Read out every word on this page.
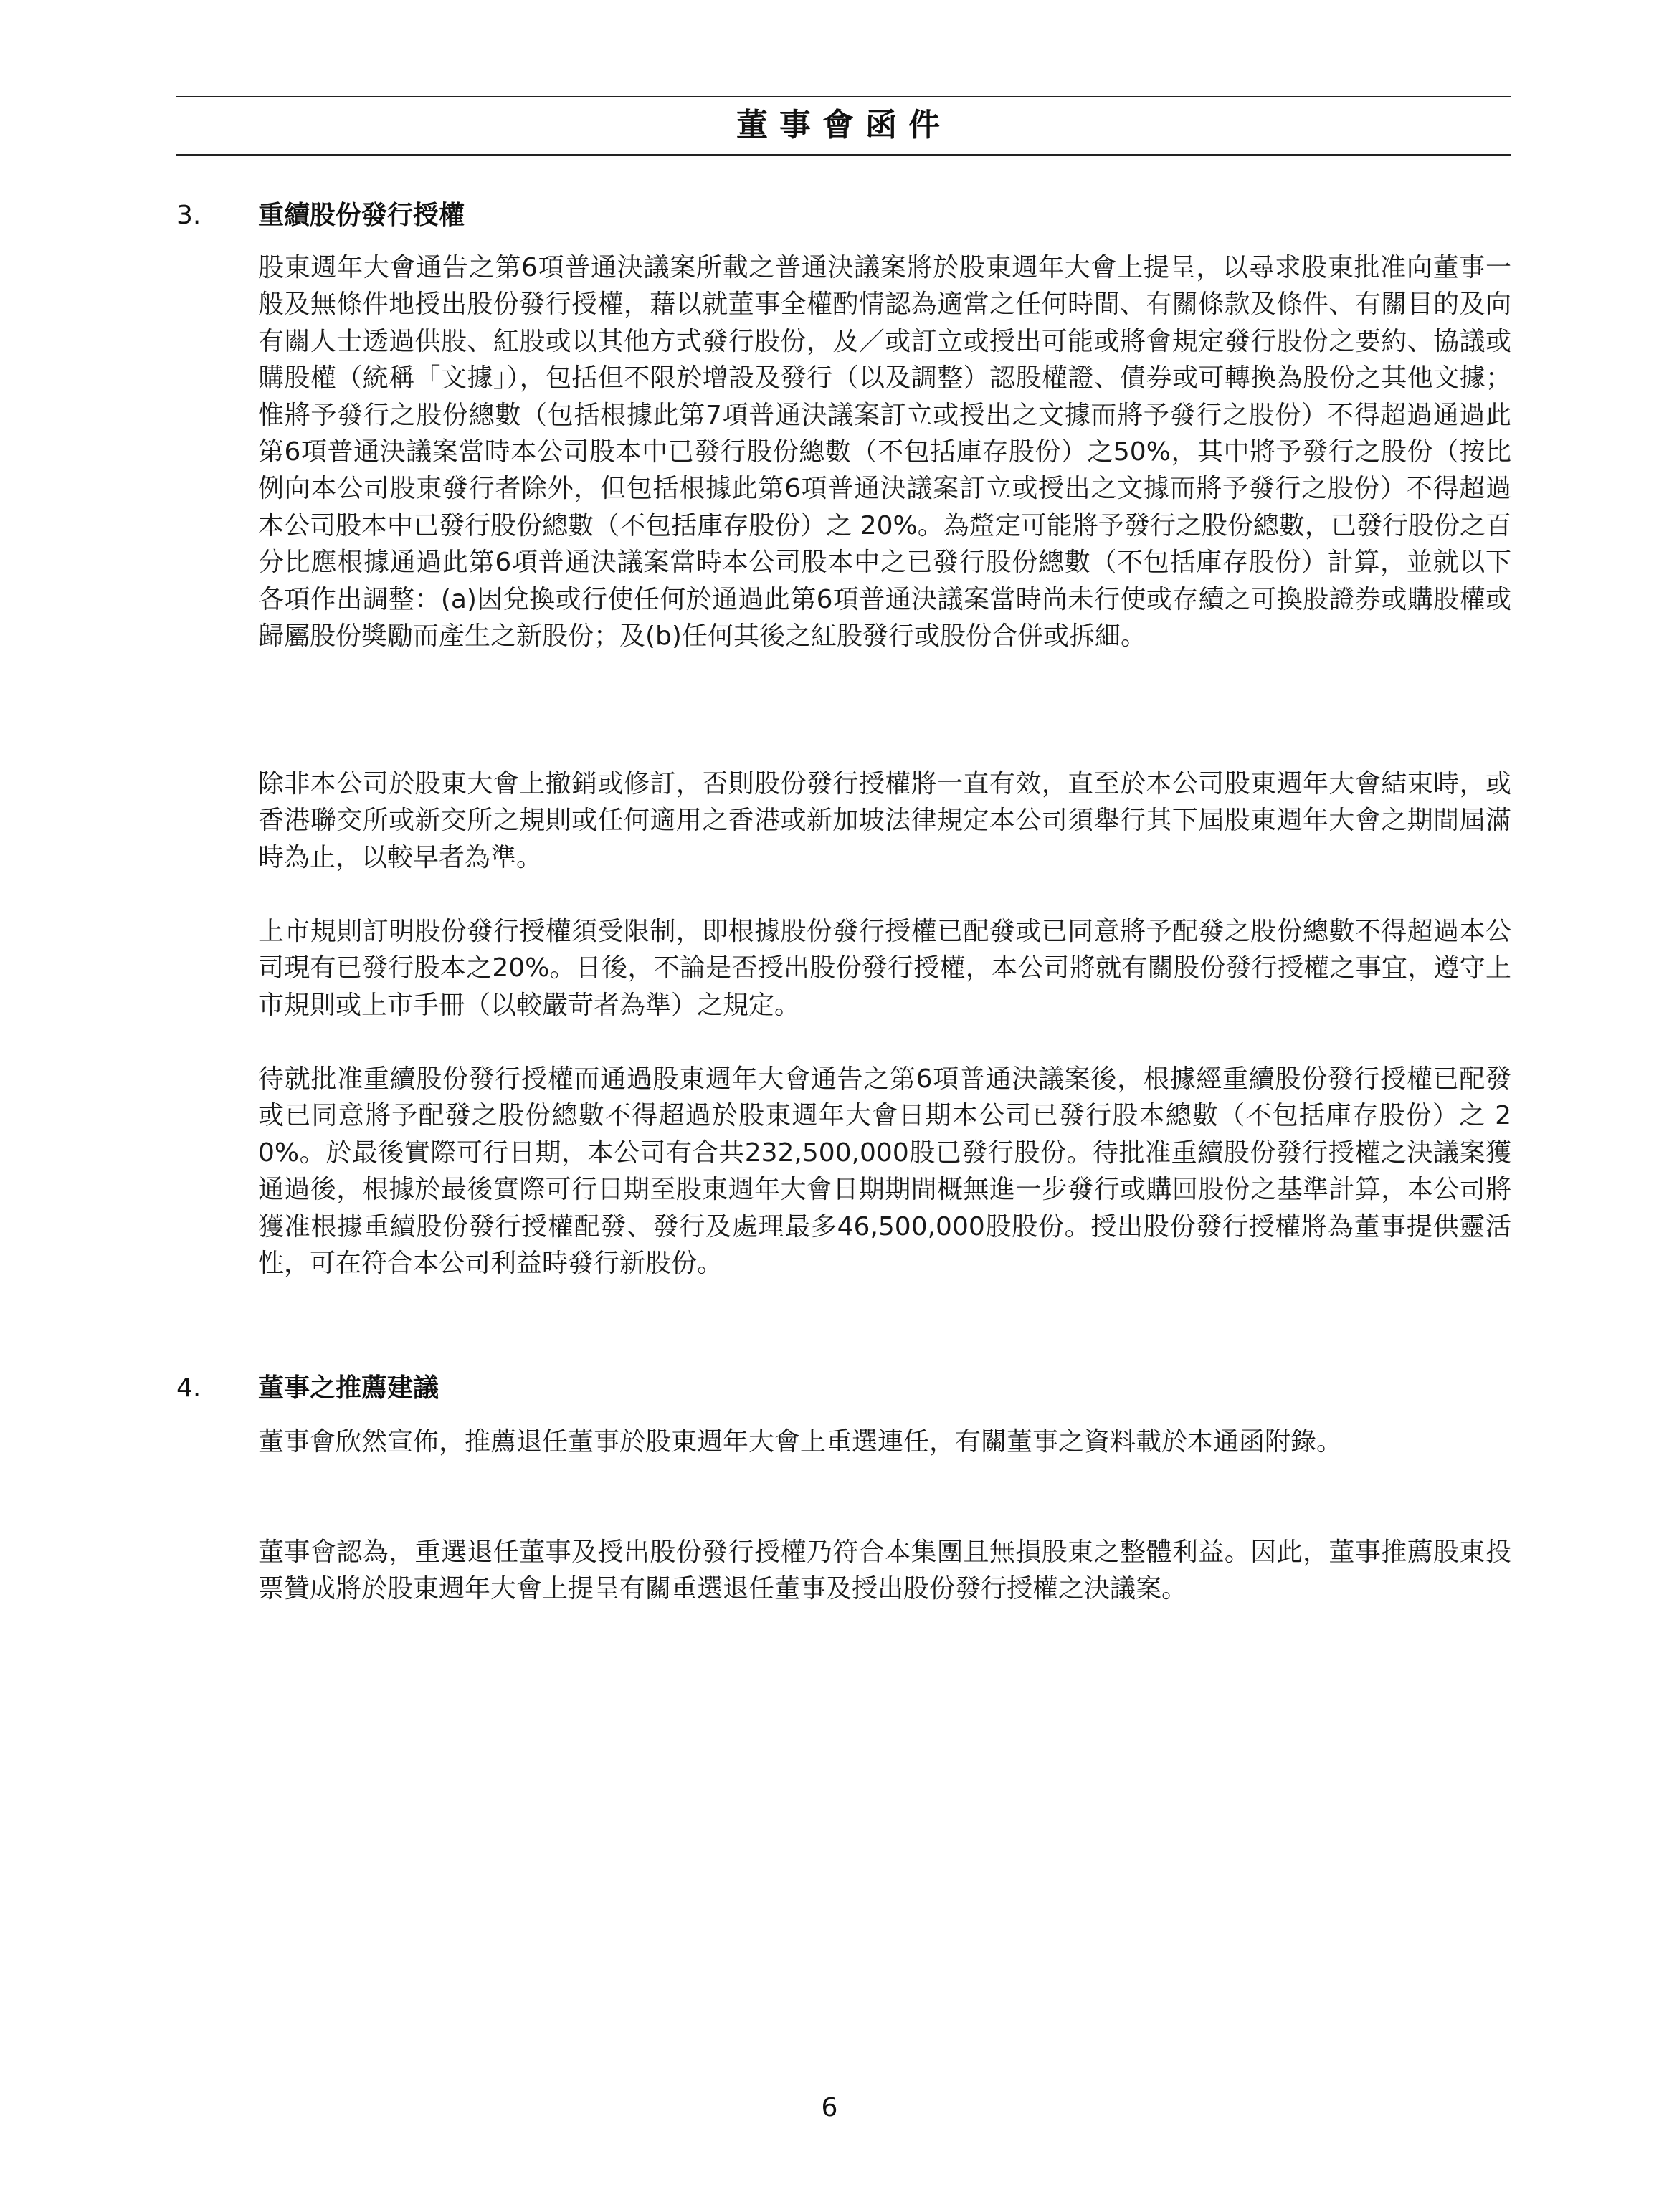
董事會函件
3. 重續股份發行授權

股東週年大會通告之第6項普通決議案所載之普通決議案將於股東週年大會上提呈，以尋求股東批准向董事一般及無條件地授出股份發行授權，藉以就董事全權酌情認為適當之任何時間、有關條款及條件、有關目的及向有關人士透過供股、紅股或以其他方式發行股份，及／或訂立或授出可能或將會規定發行股份之要約、協議或購股權（統稱「文據」），包括但不限於增設及發行（以及調整）認股權證、債券或可轉換為股份之其他文據；惟將予發行之股份總數（包括根據此第7項普通決議案訂立或授出之文據而將予發行之股份）不得超過通過此第6項普通決議案當時本公司股本中已發行股份總數（不包括庫存股份）之50%，其中將予發行之股份（按比例向本公司股東發行者除外，但包括根據此第6項普通決議案訂立或授出之文據而將予發行之股份）不得超過本公司股本中已發行股份總數（不包括庫存股份）之 20%。為釐定可能將予發行之股份總數，已發行股份之百分比應根據通過此第6項普通決議案當時本公司股本中之已發行股份總數（不包括庫存股份）計算，並就以下各項作出調整：(a)因兌換或行使任何於通過此第6項普通決議案當時尚未行使或存續之可換股證券或購股權或歸屬股份獎勵而產生之新股份；及(b)任何其後之紅股發行或股份合併或拆細。

除非本公司於股東大會上撤銷或修訂，否則股份發行授權將一直有效，直至於本公司股東週年大會結束時，或香港聯交所或新交所之規則或任何適用之香港或新加坡法律規定本公司須舉行其下屆股東週年大會之期間屆滿時為止，以較早者為準。

上市規則訂明股份發行授權須受限制，即根據股份發行授權已配發或已同意將予配發之股份總數不得超過本公司現有已發行股本之20%。日後，不論是否授出股份發行授權，本公司將就有關股份發行授權之事宜，遵守上市規則或上市手冊（以較嚴苛者為準）之規定。

待就批准重續股份發行授權而通過股東週年大會通告之第6項普通決議案後，根據經重續股份發行授權已配發或已同意將予配發之股份總數不得超過於股東週年大會日期本公司已發行股本總數（不包括庫存股份）之 20%。於最後實際可行日期，本公司有合共232,500,000股已發行股份。待批准重續股份發行授權之決議案獲通過後，根據於最後實際可行日期至股東週年大會日期期間概無進一步發行或購回股份之基準計算，本公司將獲准根據重續股份發行授權配發、發行及處理最多46,500,000股股份。授出股份發行授權將為董事提供靈活性，可在符合本公司利益時發行新股份。

4. 董事之推薦建議

董事會欣然宣佈，推薦退任董事於股東週年大會上重選連任，有關董事之資料載於本通函附錄。

董事會認為，重選退任董事及授出股份發行授權乃符合本集團且無損股東之整體利益。因此，董事推薦股東投票贊成將於股東週年大會上提呈有關重選退任董事及授出股份發行授權之決議案。

6
